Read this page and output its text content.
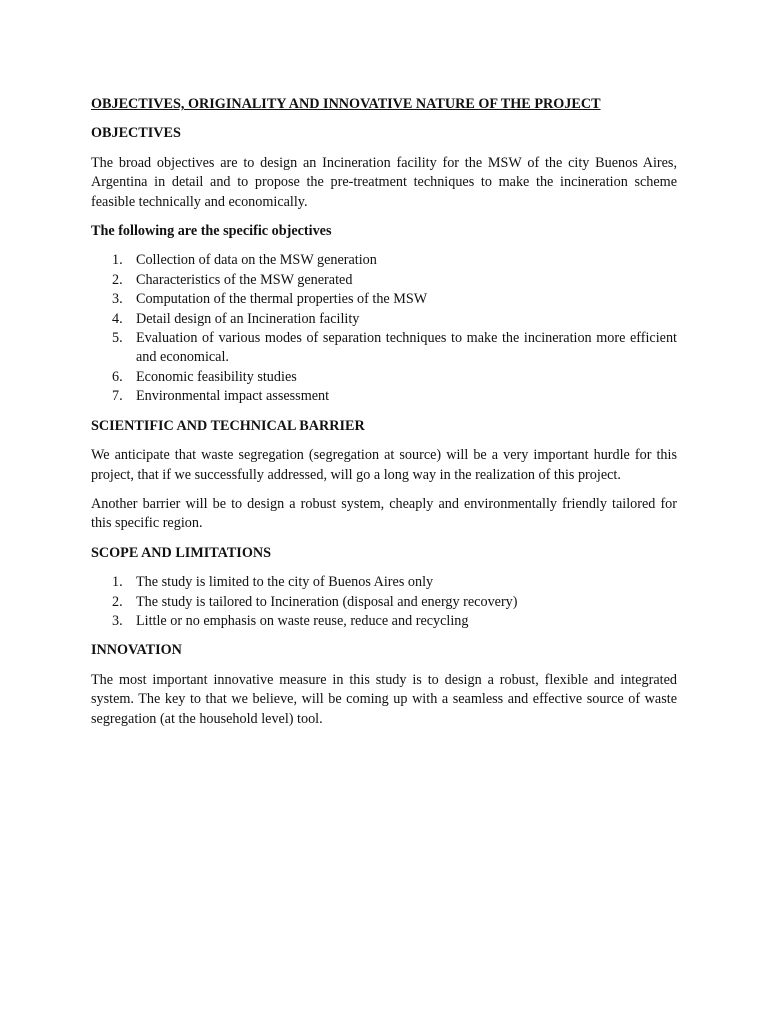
OBJECTIVES, ORIGINALITY AND INNOVATIVE NATURE OF THE PROJECT
OBJECTIVES

The broad objectives are to design an Incineration facility for the MSW of the city Buenos Aires, Argentina in detail and to propose the pre-treatment techniques to make the incineration scheme feasible technically and economically.

The following are the specific objectives
1. Collection of data on the MSW generation
2. Characteristics of the MSW generated
3. Computation of the thermal properties of the MSW
4. Detail design of an Incineration facility
5. Evaluation of various modes of separation techniques to make the incineration more efficient and economical.
6. Economic feasibility studies
7. Environmental impact assessment
SCIENTIFIC AND TECHNICAL BARRIER

We anticipate that waste segregation (segregation at source) will be a very important hurdle for this project, that if we successfully addressed, will go a long way in the realization of this project.

Another barrier will be to design a robust system, cheaply and environmentally friendly tailored for this specific region.

SCOPE AND LIMITATIONS
1. The study is limited to the city of Buenos Aires only
2. The study is tailored to Incineration (disposal and energy recovery)
3. Little or no emphasis on waste reuse, reduce and recycling
INNOVATION

The most important innovative measure in this study is to design a robust, flexible and integrated system. The key to that we believe, will be coming up with a seamless and effective source of waste segregation (at the household level) tool.
